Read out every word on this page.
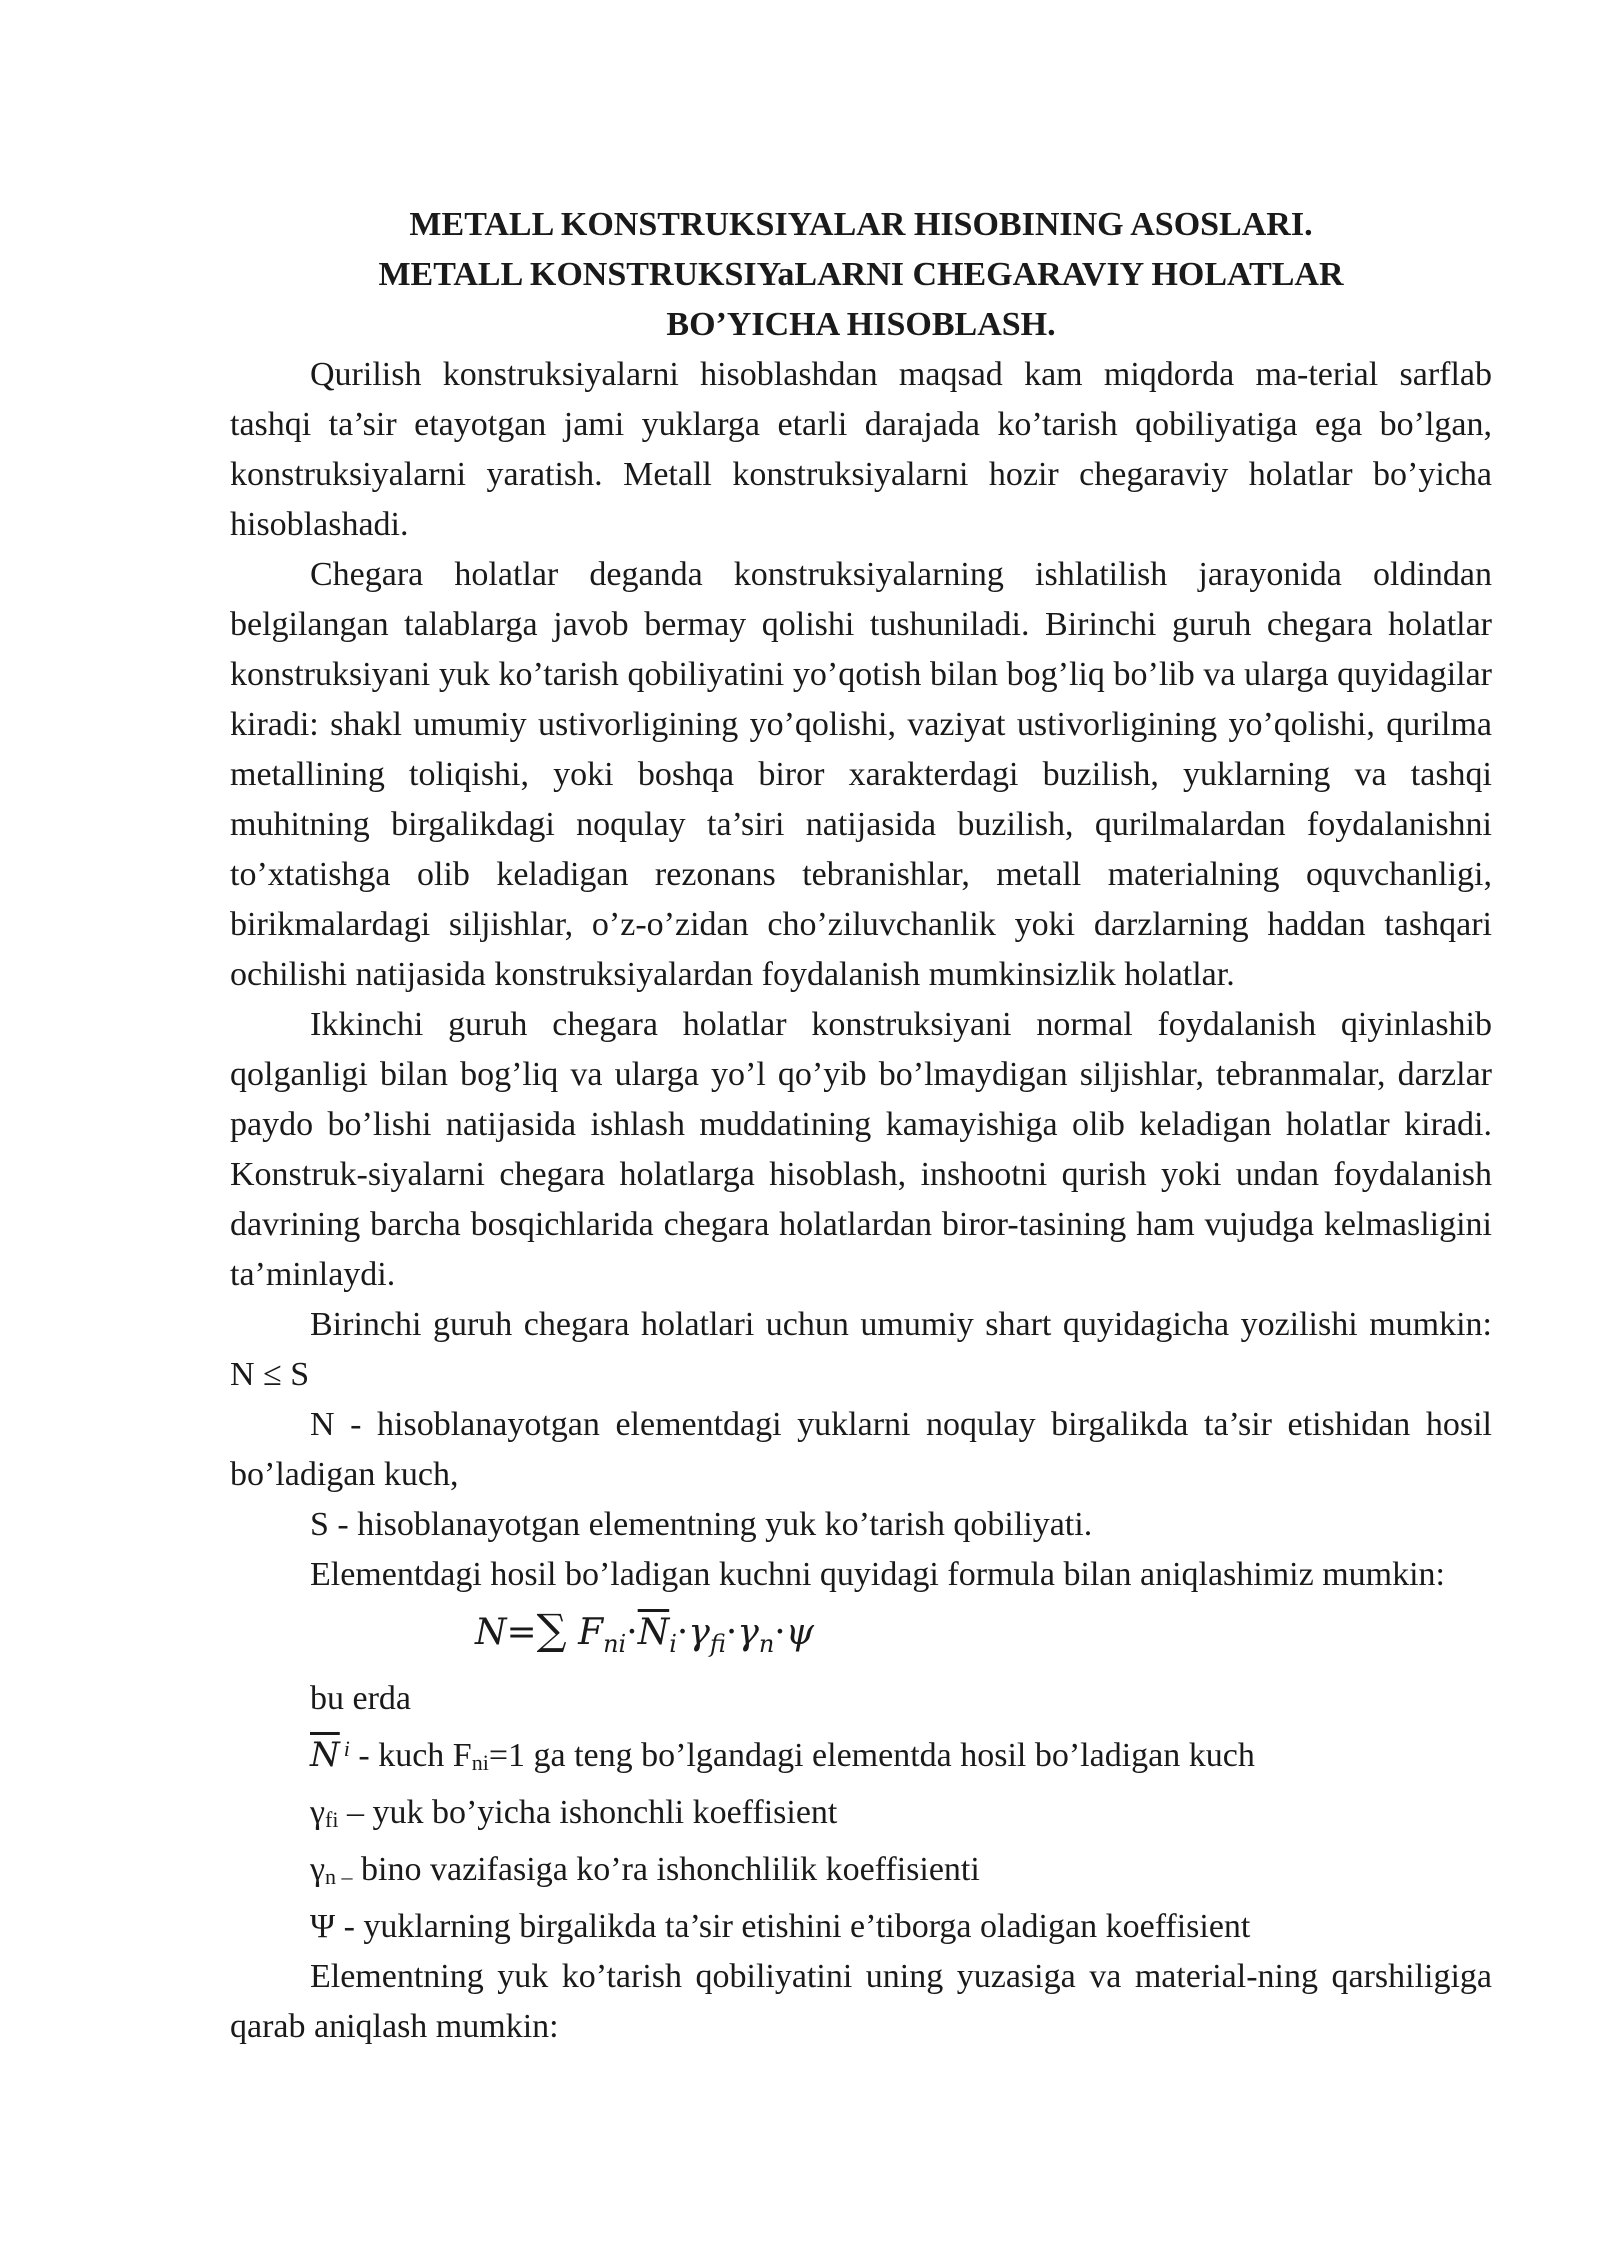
METALL KONSTRUKSIYALAR HISOBINING ASOSLARI.
METALL KONSTRUKSIYaLARNI CHEGARAVIY HOLATLAR
BO’YICHA HISOBLASH.

Qurilish konstruksiyalarni hisoblashdan maqsad kam miqdorda ma-terial sarflab tashqi ta’sir etayotgan jami yuklarga etarli darajada ko’tarish qobiliyatiga ega bo’lgan, konstruksiyalarni yaratish. Metall konstruksiyalarni hozir chegaraviy holatlar bo’yicha hisoblashadi.

Chegara holatlar deganda konstruksiyalarning ishlatilish jarayonida oldindan belgilangan talablarga javob bermay qolishi tushuniladi. Birinchi guruh chegara holatlar konstruksiyani yuk ko’tarish qobiliyatini yo’qotish bilan bog’liq bo’lib va ularga quyidagilar kiradi: shakl umumiy ustivorligining yo’qolishi, vaziyat ustivorligining yo’qolishi, qurilma metallining toliqishi, yoki boshqa biror xarakterdagi buzilish, yuklarning va tashqi muhitning birgalikdagi noqulay ta’siri natijasida buzilish, qurilmalardan foydalanishni to’xtatishga olib keladigan rezonans tebranishlar, metall materialning oquvchanligi, birikmalardagi siljishlar, o’z-o’zidan cho’ziluvchanlik yoki darzlarning haddan tashqari ochilishi natijasida konstruksiyalardan foydalanish mumkinsizlik holatlar.

Ikkinchi guruh chegara holatlar konstruksiyani normal foydalanish qiyinlashib qolganligi bilan bog’liq va ularga yo’l qo’yib bo’lmaydigan siljishlar, tebranmalar, darzlar paydo bo’lishi natijasida ishlash muddatining kamayishiga olib keladigan holatlar kiradi. Konstruk-siyalarni chegara holatlarga hisoblash, inshootni qurish yoki undan foydalanish davrining barcha bosqichlarida chegara holatlardan biror-tasining ham vujudga kelmasligini ta’minlaydi.

Birinchi guruh chegara holatlari uchun umumiy shart quyidagicha yozilishi mumkin: N ≤ S

N - hisoblanayotgan elementdagi yuklarni noqulay birgalikda ta’sir etishidan hosil bo’ladigan kuch,

S - hisoblanayotgan elementning yuk ko’tarish qobiliyati.

Elementdagi hosil bo’ladigan kuchni quyidagi formula bilan aniqlashimiz mumkin:

N=∑ $F_{ni}\cdot\overline{N}_i\cdot\gamma_{fi}\cdot\gamma_n\cdot\psi$
bu erda
$\overline{N}$ $^i$ - kuch Fni=1 ga teng bo’lgandagi elementda hosil bo’ladigan kuch
γfi – yuk bo’yicha ishonchli koeffisient
γn – bino vazifasiga ko’ra ishonchlilik koeffisienti
Ψ - yuklarning birgalikda ta’sir etishini e’tiborga oladigan koeffisient

Elementning yuk ko’tarish qobiliyatini uning yuzasiga va material-ning qarshiligiga qarab aniqlash mumkin:
